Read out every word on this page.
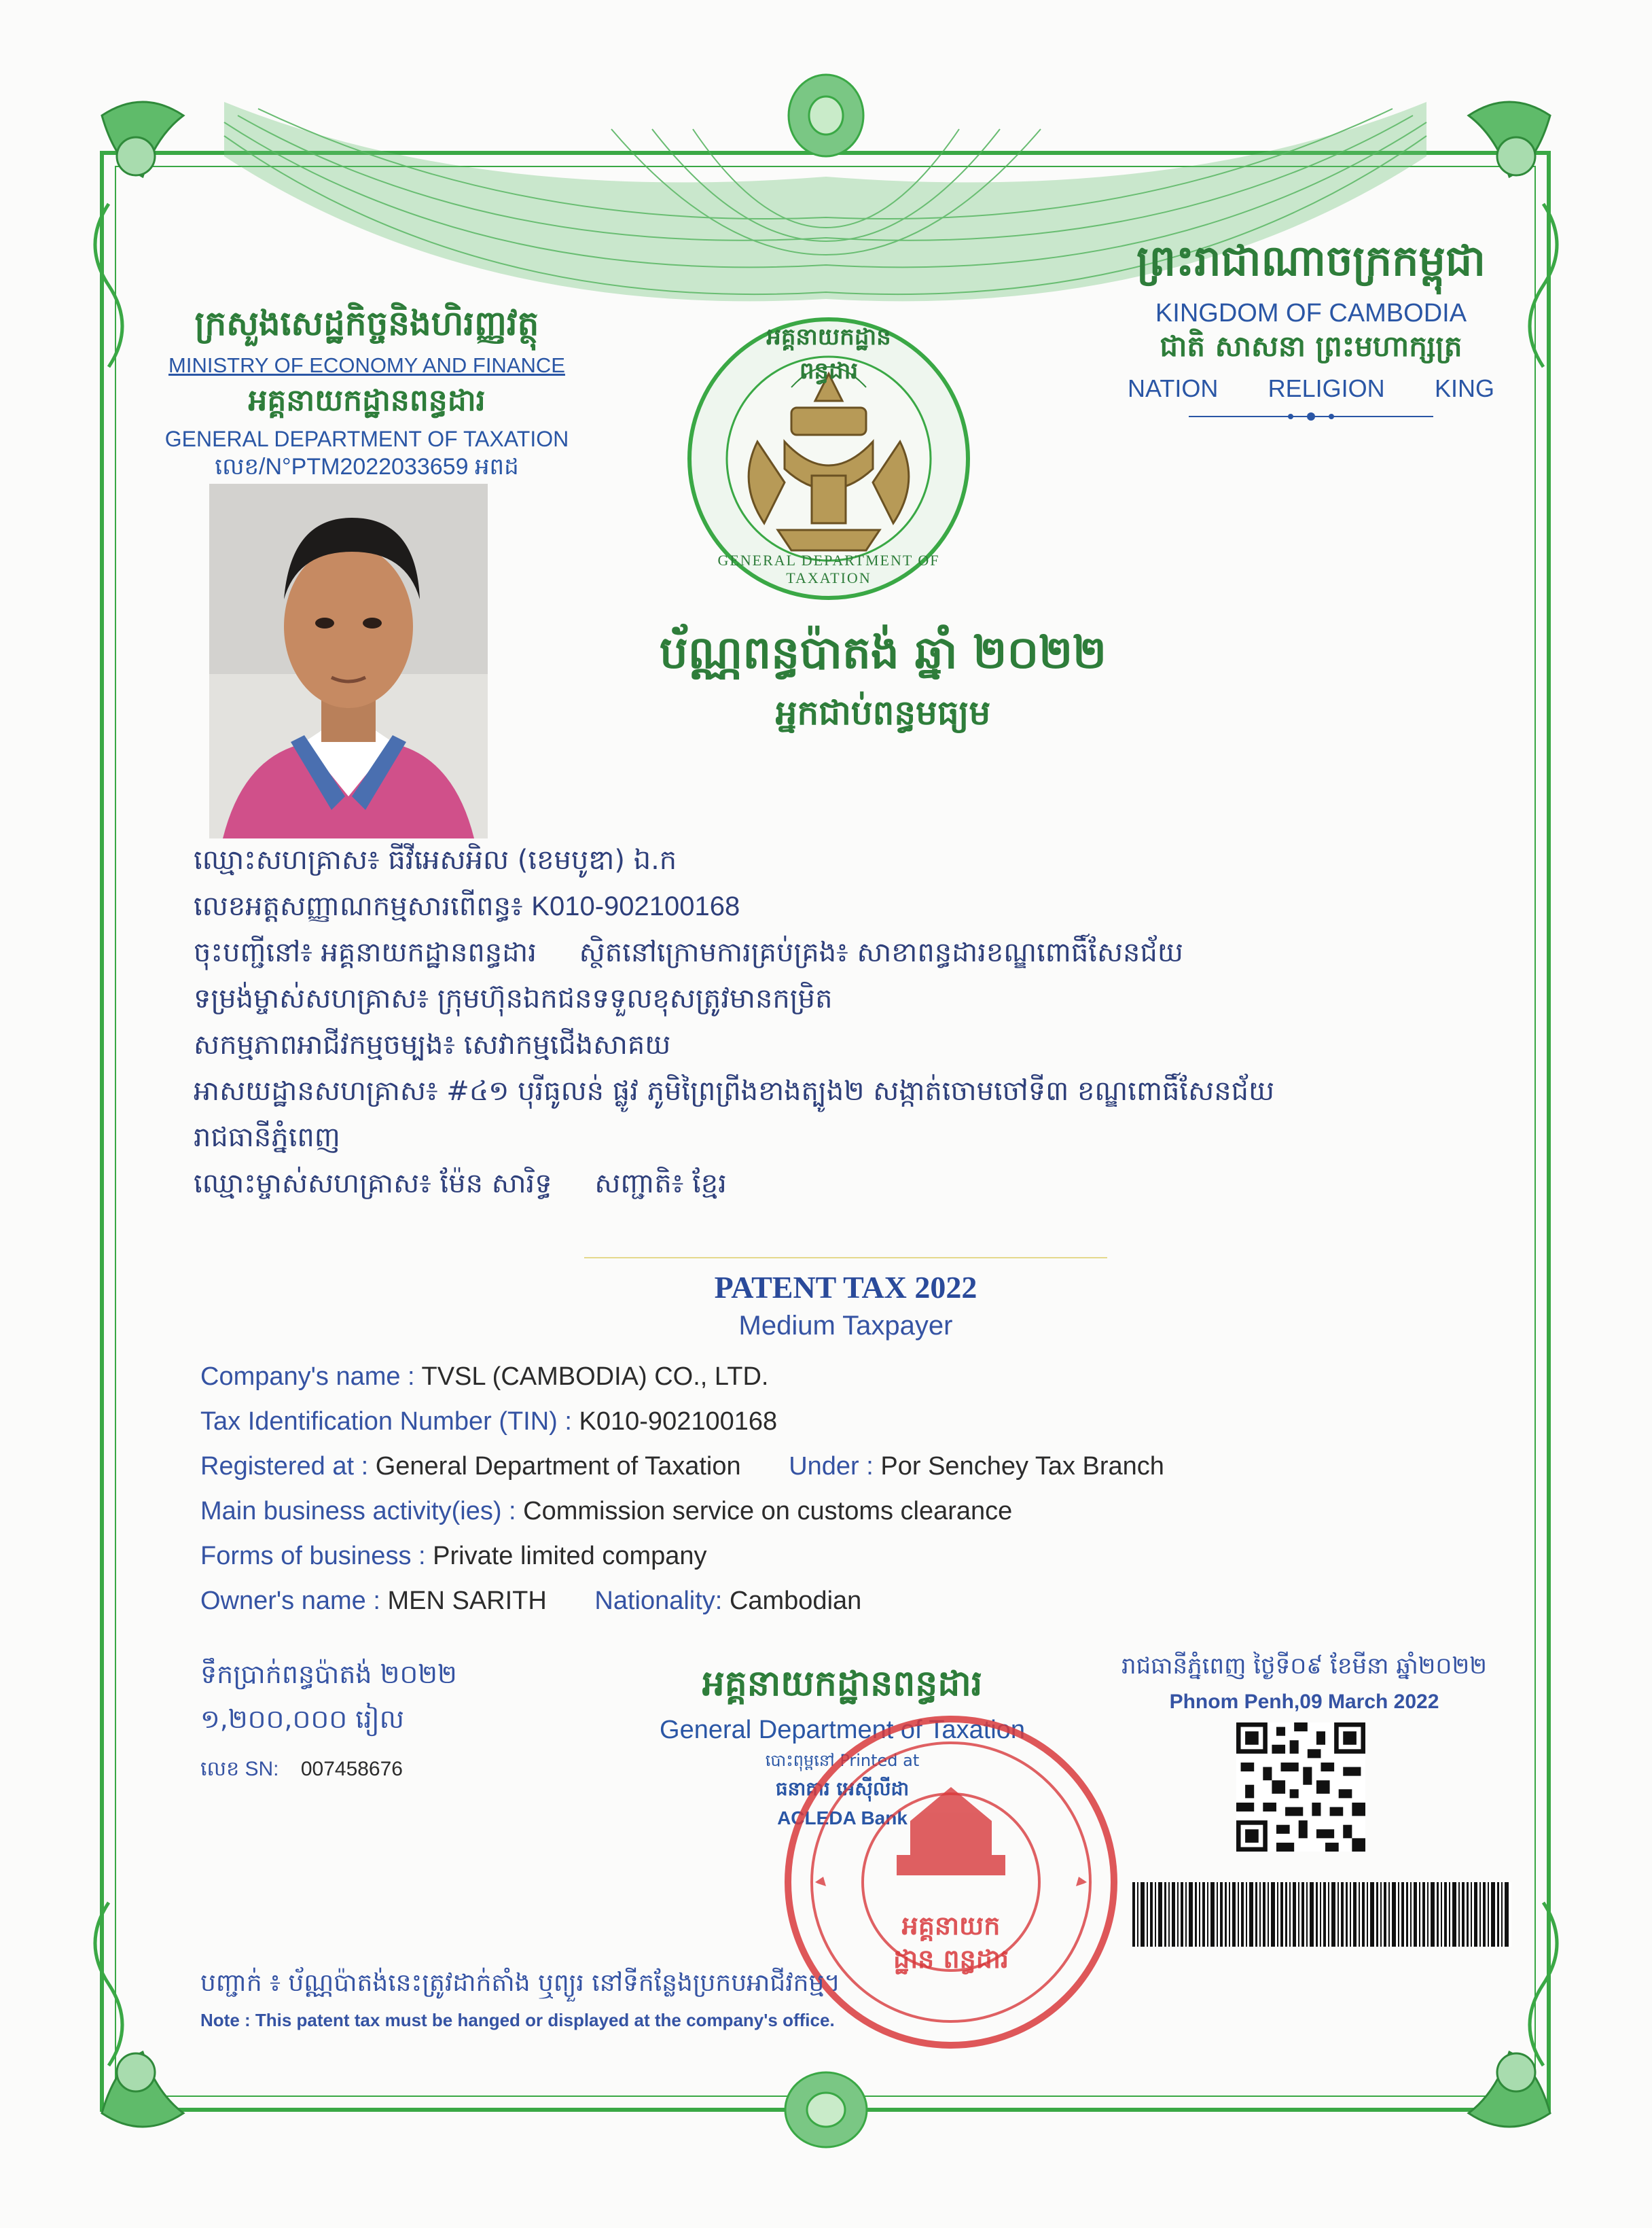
ព្រះរាជាណាចក្រកម្ពុជា
KINGDOM OF CAMBODIA
ជាតិ សាសនា ព្រះមហាក្សត្រ
NATION RELIGION KING
ក្រសួងសេដ្ឋកិច្ចនិងហិរញ្ញវត្ថុ
MINISTRY OF ECONOMY AND FINANCE
អគ្គនាយកដ្ឋានពន្ធដារ
GENERAL DEPARTMENT OF TAXATION
លេខ/N°PTM2022033659 អពដ
អគ្គនាយកដ្ឋានពន្ធដារ
GENERAL DEPARTMENT OF TAXATION
ប័ណ្ណពន្ធប៉ាតង់ ឆ្នាំ ២០២២
អ្នកជាប់ពន្ធមធ្យម
ឈ្មោះសហគ្រាស៖ ធីវីអេសអិល (ខេមបូឌា) ឯ.ក
លេខអត្តសញ្ញាណកម្មសារពើពន្ធ៖ K010-902100168
ចុះបញ្ជីនៅ៖ អគ្គនាយកដ្ឋានពន្ធដារ ស្ថិតនៅក្រោមការគ្រប់គ្រង៖ សាខាពន្ធដារខណ្ឌពោធិ៍សែនជ័យ
ទម្រង់ម្ចាស់សហគ្រាស៖ ក្រុមហ៊ុនឯកជនទទួលខុសត្រូវមានកម្រិត
សកម្មភាពអាជីវកម្មចម្បង៖ សេវាកម្មជើងសាគយ
អាសយដ្ឋានសហគ្រាស៖ #៤១ បុរីធូលន់ ផ្លូវ ភូមិព្រៃព្រីងខាងត្បូង២ សង្កាត់ចោមចៅទី៣ ខណ្ឌពោធិ៍សែនជ័យ
រាជធានីភ្នំពេញ
ឈ្មោះម្ចាស់សហគ្រាស៖ ម៉ែន សារិទ្ធ សញ្ជាតិ៖ ខ្មែរ
PATENT TAX 2022
Medium Taxpayer
Company's name : TVSL (CAMBODIA) CO., LTD.
Tax Identification Number (TIN) : K010-902100168
Registered at : General Department of Taxation Under : Por Senchey Tax Branch
Main business activity(ies) : Commission service on customs clearance
Forms of business : Private limited company
Owner's name : MEN SARITH Nationality: Cambodian
ទឹកប្រាក់ពន្ធប៉ាតង់ ២០២២
១,២០០,០០០ រៀល
លេខ SN: 007458676
អគ្គនាយកដ្ឋានពន្ធដារ
General Department of Taxation
បោះពុម្ពនៅ Printed at
ធនាគារ អេស៊ីលីដា
ACLEDA Bank
អគ្គនាយកដ្ឋាន ពន្ធដារ
រាជធានីភ្នំពេញ ថ្ងៃទី០៩ ខែមីនា ឆ្នាំ២០២២
Phnom Penh,09 March 2022
បញ្ជាក់ ៖ ប័ណ្ណប៉ាតង់នេះត្រូវដាក់តាំង ឬព្យួរ នៅទីកន្លែងប្រកបអាជីវកម្ម។
Note : This patent tax must be hanged or displayed at the company's office.
